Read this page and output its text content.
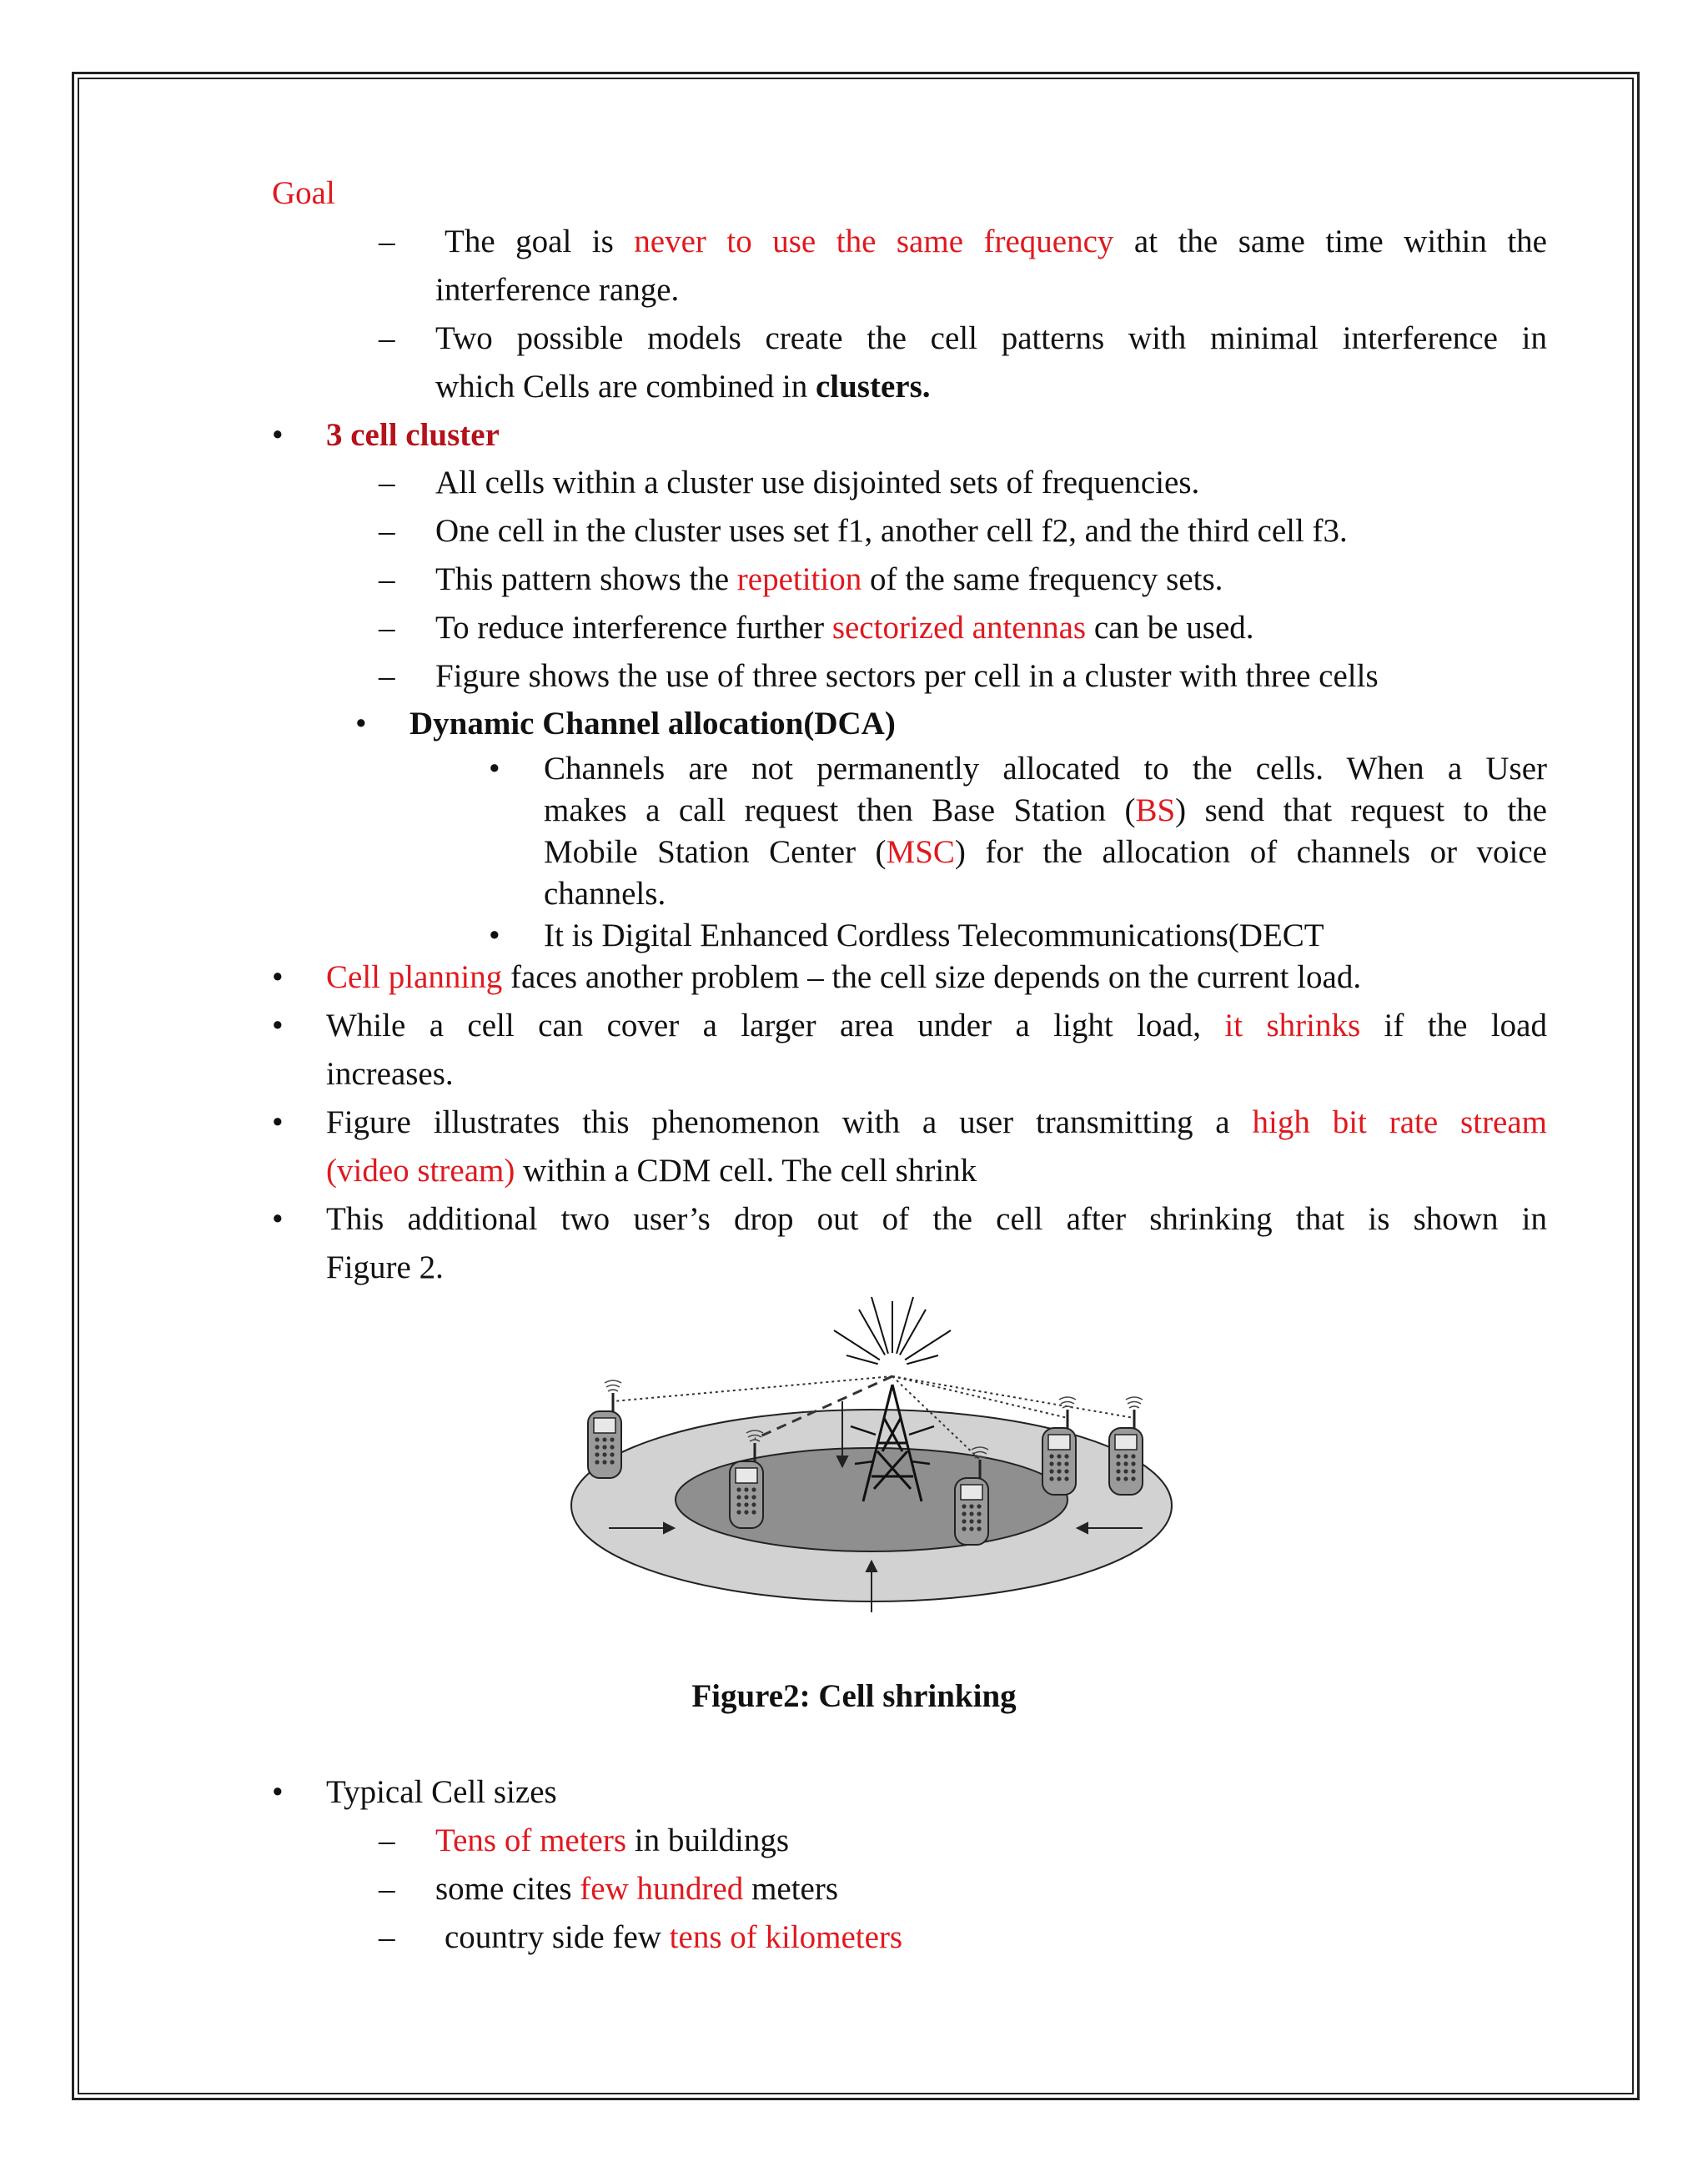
Goal
– The goal is never to use the same frequency at the same time within the
interference range.
– Two possible models create the cell patterns with minimal interference in
which Cells are combined in clusters.
• 3 cell cluster
– All cells within a cluster use disjointed sets of frequencies.
– One cell in the cluster uses set f1, another cell f2, and the third cell f3.
– This pattern shows the repetition of the same frequency sets.
– To reduce interference further sectorized antennas can be used.
– Figure shows the use of three sectors per cell in a cluster with three cells
• Dynamic Channel allocation(DCA)
• Channels are not permanently allocated to the cells. When a User
makes a call request then Base Station (BS) send that request to the
Mobile Station Center (MSC) for the allocation of channels or voice
channels.
• It is Digital Enhanced Cordless Telecommunications(DECT
• Cell planning faces another problem – the cell size depends on the current load.
• While a cell can cover a larger area under a light load, it shrinks if the load
increases.
• Figure illustrates this phenomenon with a user transmitting a high bit rate stream
(video stream) within a CDM cell. The cell shrink
• This additional two user’s drop out of the cell after shrinking that is shown in
Figure 2.
Figure2: Cell shrinking
• Typical Cell sizes
– Tens of meters in buildings
– some cites few hundred meters
– country side few tens of kilometers
